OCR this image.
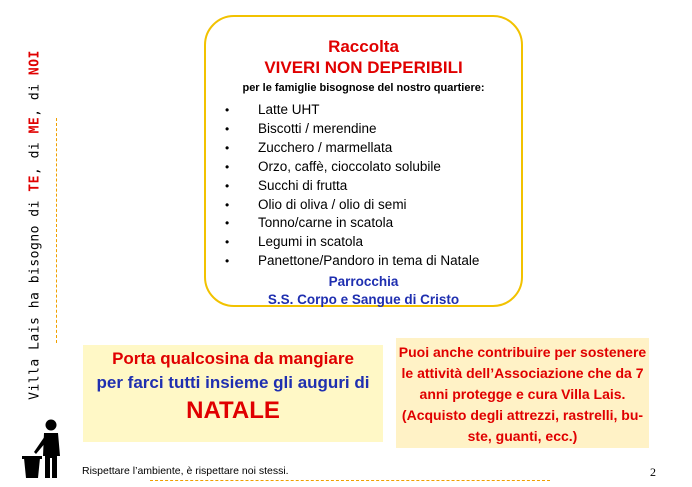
Villa Lais ha bisogno di TE, di ME, di NOI
Raccolta
VIVERI NON DEPERIBILI
per le famiglie bisognose del nostro quartiere:
• Latte UHT
• Biscotti / merendine
• Zucchero / marmellata
• Orzo, caffè, cioccolato solubile
• Succhi di frutta
• Olio di oliva / olio di semi
• Tonno/carne in scatola
• Legumi in scatola
• Panettone/Pandoro in tema di Natale
Parrocchia
S.S. Corpo e Sangue di Cristo
Porta qualcosina da mangiare
per farci tutti insieme gli auguri di
NATALE
Puoi anche contribuire per sostenere
le attività dell’Associazione che da 7
anni protegge e cura Villa Lais.
(Acquisto degli attrezzi, rastrelli, bu-
ste, guanti, ecc.)
Rispettare l’ambiente, è rispettare noi stessi.	2
